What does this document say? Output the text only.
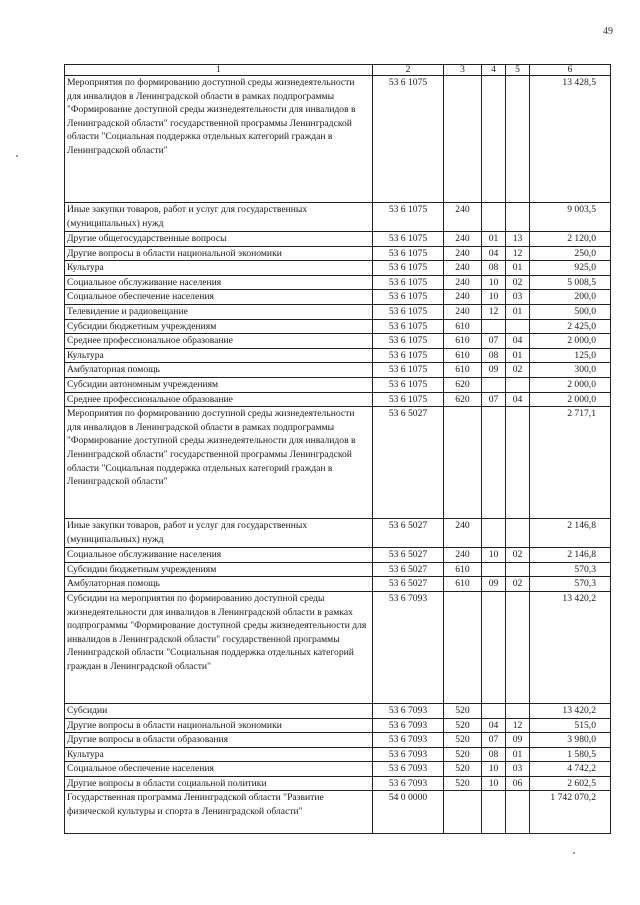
49
1	2	3	4	5	6
Мероприятия по формированию доступной среды жизнедеятельности для инвалидов в Ленинградской области в рамках подпрограммы "Формирование доступной среды жизнедеятельности для инвалидов в Ленинградской области" государственной программы Ленинградской области "Социальная поддержка отдельных категорий граждан в Ленинградской области"	53 6 1075				13 428,5
Иные закупки товаров, работ и услуг для государственных (муниципальных) нужд	53 6 1075	240			9 003,5
Другие общегосударственные вопросы	53 6 1075	240	01	13	2 120,0
Другие вопросы в области национальной экономики	53 6 1075	240	04	12	250,0
Культура	53 6 1075	240	08	01	925,0
Социальное обслуживание населения	53 6 1075	240	10	02	5 008,5
Социальное обеспечение населения	53 6 1075	240	10	03	200,0
Телевидение и радиовещание	53 6 1075	240	12	01	500,0
Субсидии бюджетным учреждениям	53 6 1075	610			2 425,0
Среднее профессиональное образование	53 6 1075	610	07	04	2 000,0
Культура	53 6 1075	610	08	01	125,0
Амбулаторная помощь	53 6 1075	610	09	02	300,0
Субсидии автономным учреждениям	53 6 1075	620			2 000,0
Среднее профессиональное образование	53 6 1075	620	07	04	2 000,0
Мероприятия по формированию доступной среды жизнедеятельности для инвалидов в Ленинградской области в рамках подпрограммы "Формирование доступной среды жизнедеятельности для инвалидов в Ленинградской области" государственной программы Ленинградской области "Социальная поддержка отдельных категорий граждан в Ленинградской области"	53 6 5027				2 717,1
Иные закупки товаров, работ и услуг для государственных (муниципальных) нужд	53 6 5027	240			2 146,8
Социальное обслуживание населения	53 6 5027	240	10	02	2 146,8
Субсидии бюджетным учреждениям	53 6 5027	610			570,3
Амбулаторная помощь	53 6 5027	610	09	02	570,3
Субсидии на мероприятия по формированию доступной среды жизнедеятельности для инвалидов в Ленинградской области в рамках подпрограммы "Формирование доступной среды жизнедеятельности для инвалидов в Ленинградской области" государственной программы Ленинградской области "Социальная поддержка отдельных категорий граждан в Ленинградской области"	53 6 7093				13 420,2
Субсидии	53 6 7093	520			13 420,2
Другие вопросы в области национальной экономики	53 6 7093	520	04	12	515,0
Другие вопросы в области образования	53 6 7093	520	07	09	3 980,0
Культура	53 6 7093	520	08	01	1 580,5
Социальное обеспечение населения	53 6 7093	520	10	03	4 742,2
Другие вопросы в области социальной политики	53 6 7093	520	10	06	2 602,5
Государственная программа Ленинградской области "Развитие физической культуры и спорта в Ленинградской области"	54 0 0000				1 742 070,2
